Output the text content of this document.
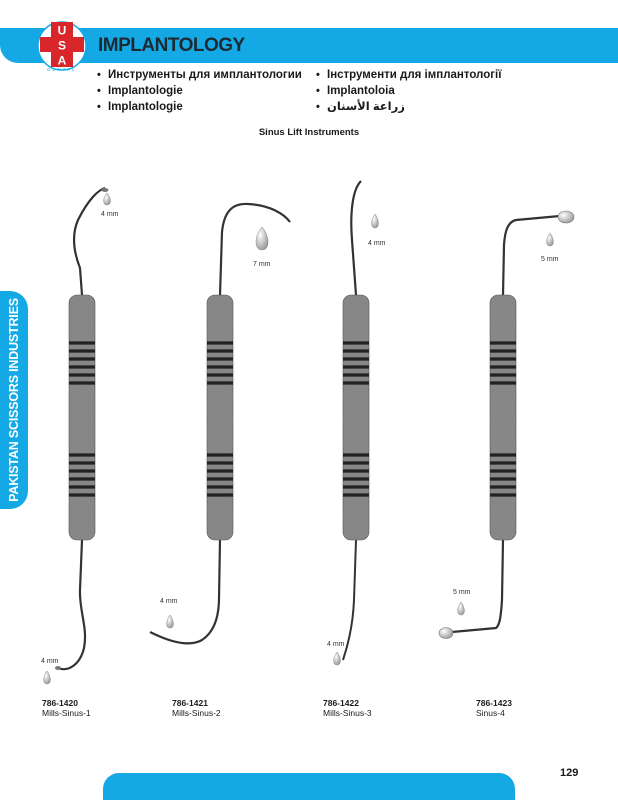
IMPLANTOLOGY
U
S
A
DENTAL • Инструменты для имплантологии
• Implantologie
• Implantologie
• Інструменти для імплантології
• Implantoloia
• زراعة الأسنان
Sinus Lift Instruments
PAKISTAN SCISSORS INDUSTRIES
4 mm
4 mm
7 mm
4 mm
4 mm
4 mm
5 mm
5 mm
786-1420
Mills-Sinus-1
786-1421
Mills-Sinus-2
786-1422
Mills-Sinus-3
786-1423
Sinus-4
129
